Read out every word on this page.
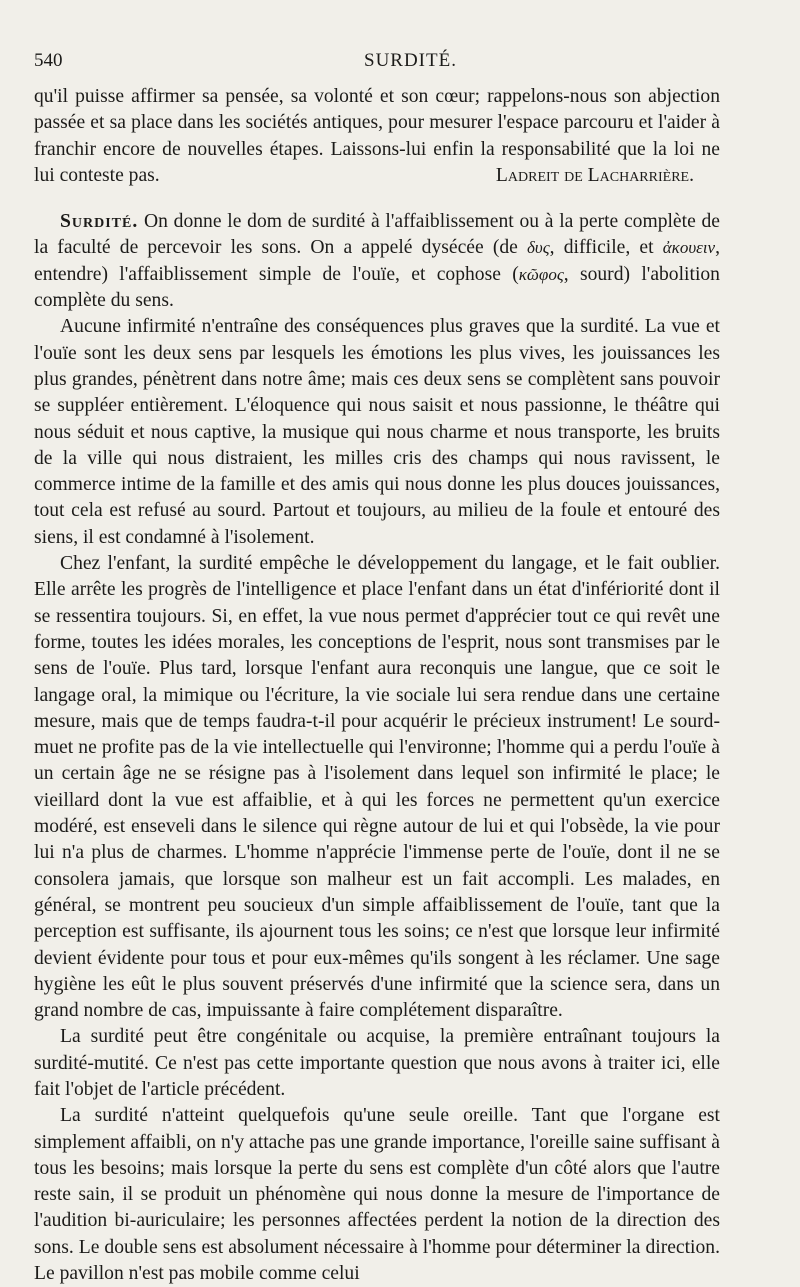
540	SURDITÉ.

qu'il puisse affirmer sa pensée, sa volonté et son cœur; rappelons-nous son abjection passée et sa place dans les sociétés antiques, pour mesurer l'espace parcouru et l'aider à franchir encore de nouvelles étapes. Laissons-lui enfin la responsabilité que la loi ne lui conteste pas.	Ladreit de Lacharrière.

Surdité. On donne le dom de surdité à l'affaiblissement ou à la perte complète de la faculté de percevoir les sons. On a appelé dysécée (de δυς, difficile, et ἀκουειν, entendre) l'affaiblissement simple de l'ouïe, et cophose (κῶφος, sourd) l'abolition complète du sens.

Aucune infirmité n'entraîne des conséquences plus graves que la surdité. La vue et l'ouïe sont les deux sens par lesquels les émotions les plus vives, les jouissances les plus grandes, pénètrent dans notre âme; mais ces deux sens se complètent sans pouvoir se suppléer entièrement. L'éloquence qui nous saisit et nous passionne, le théâtre qui nous séduit et nous captive, la musique qui nous charme et nous transporte, les bruits de la ville qui nous distraient, les milles cris des champs qui nous ravissent, le commerce intime de la famille et des amis qui nous donne les plus douces jouissances, tout cela est refusé au sourd. Partout et toujours, au milieu de la foule et entouré des siens, il est condamné à l'isolement.

Chez l'enfant, la surdité empêche le développement du langage, et le fait oublier. Elle arrête les progrès de l'intelligence et place l'enfant dans un état d'infériorité dont il se ressentira toujours. Si, en effet, la vue nous permet d'apprécier tout ce qui revêt une forme, toutes les idées morales, les conceptions de l'esprit, nous sont transmises par le sens de l'ouïe. Plus tard, lorsque l'enfant aura reconquis une langue, que ce soit le langage oral, la mimique ou l'écriture, la vie sociale lui sera rendue dans une certaine mesure, mais que de temps faudra-t-il pour acquérir le précieux instrument! Le sourd-muet ne profite pas de la vie intellectuelle qui l'environne; l'homme qui a perdu l'ouïe à un certain âge ne se résigne pas à l'isolement dans lequel son infirmité le place; le vieillard dont la vue est affaiblie, et à qui les forces ne permettent qu'un exercice modéré, est enseveli dans le silence qui règne autour de lui et qui l'obsède, la vie pour lui n'a plus de charmes. L'homme n'apprécie l'immense perte de l'ouïe, dont il ne se consolera jamais, que lorsque son malheur est un fait accompli. Les malades, en général, se montrent peu soucieux d'un simple affaiblissement de l'ouïe, tant que la perception est suffisante, ils ajournent tous les soins; ce n'est que lorsque leur infirmité devient évidente pour tous et pour eux-mêmes qu'ils songent à les réclamer. Une sage hygiène les eût le plus souvent préservés d'une infirmité que la science sera, dans un grand nombre de cas, impuissante à faire complétement disparaître.

La surdité peut être congénitale ou acquise, la première entraînant toujours la surdité-mutité. Ce n'est pas cette importante question que nous avons à traiter ici, elle fait l'objet de l'article précédent.

La surdité n'atteint quelquefois qu'une seule oreille. Tant que l'organe est simplement affaibli, on n'y attache pas une grande importance, l'oreille saine suffisant à tous les besoins; mais lorsque la perte du sens est complète d'un côté alors que l'autre reste sain, il se produit un phénomène qui nous donne la mesure de l'importance de l'audition bi-auriculaire; les personnes affectées perdent la notion de la direction des sons. Le double sens est absolument nécessaire à l'homme pour déterminer la direction. Le pavillon n'est pas mobile comme celui
